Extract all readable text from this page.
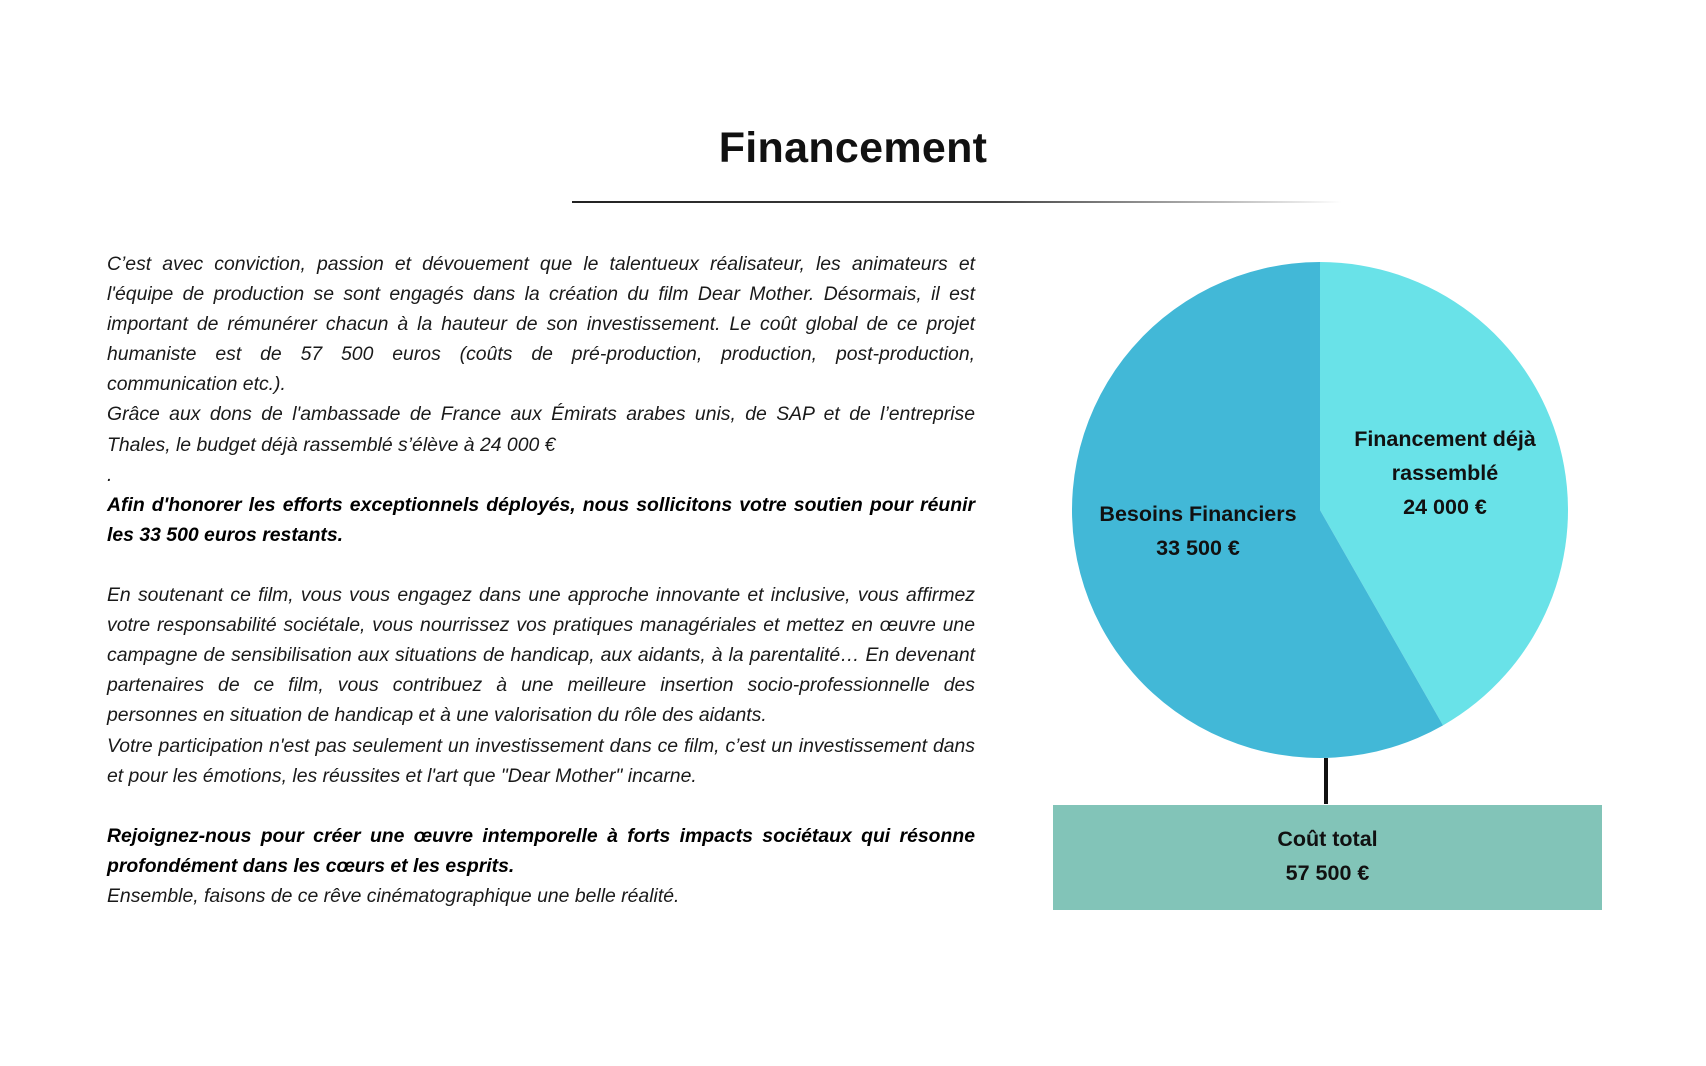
Financement

C’est avec conviction, passion et dévouement que le talentueux réalisateur, les animateurs et l'équipe de production se sont engagés dans la création du film Dear Mother. Désormais, il est important de rémunérer chacun à la hauteur de son investissement. Le coût global de ce projet humaniste est de 57 500 euros (coûts de pré-production, production, post-production, communication etc.).

Grâce aux dons de l'ambassade de France aux Émirats arabes unis, de SAP et de l’entreprise Thales, le budget déjà rassemblé s’élève à 24 000 €

.

Afin d'honorer les efforts exceptionnels déployés, nous sollicitons votre soutien pour réunir les 33 500 euros restants.

En soutenant ce film, vous vous engagez dans une approche innovante et inclusive, vous affirmez votre responsabilité sociétale, vous nourrissez vos pratiques managériales et mettez en œuvre une campagne de sensibilisation aux situations de handicap, aux aidants, à la parentalité… En devenant partenaires de ce film, vous contribuez à une meilleure insertion socio-professionnelle des personnes en situation de handicap et à une valorisation du rôle des aidants.

Votre participation n'est pas seulement un investissement dans ce film, c’est un investissement dans et pour les émotions, les réussites et l'art que "Dear Mother" incarne.

Rejoignez-nous pour créer une œuvre intemporelle à forts impacts sociétaux qui résonne profondément dans les cœurs et les esprits.

Ensemble, faisons de ce rêve cinématographique une belle réalité.

Financement déjà
rassemblé
24 000 €
Besoins Financiers
33 500 €
Coût total
57 500 €
